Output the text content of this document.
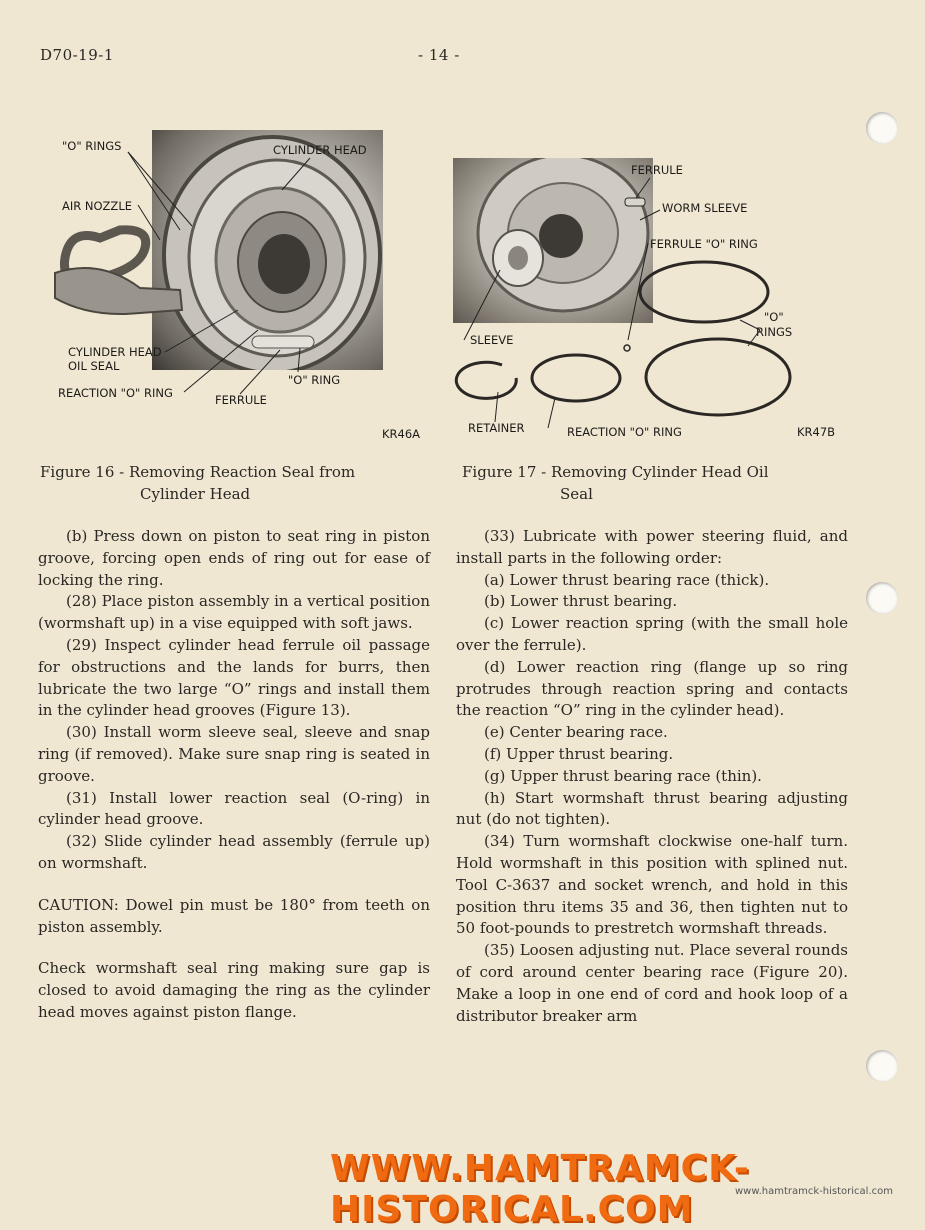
D70-19-1	- 14 -
"O" RINGS	CYLINDER HEAD
AIR NOZZLE
CYLINDER HEAD
OIL SEAL
REACTION "O" RING
"O" RING
FERRULE
KR46A
Figure 16 - Removing Reaction Seal from
Cylinder Head
FERRULE
WORM SLEEVE
FERRULE "O" RING
"O"
RINGS
SLEEVE
RETAINER	REACTION "O" RING	KR47B
Figure 17 - Removing Cylinder Head Oil
Seal

(b) Press down on piston to seat ring in piston groove, forcing open ends of ring out for ease of locking the ring.

(28) Place piston assembly in a vertical position (wormshaft up) in a vise equipped with soft jaws.

(29) Inspect cylinder head ferrule oil passage for obstructions and the lands for burrs, then lubricate the two large “O” rings and install them in the cylinder head grooves (Figure 13).

(30) Install worm sleeve seal, sleeve and snap ring (if removed). Make sure snap ring is seated in groove.

(31) Install lower reaction seal (O-ring) in cylinder head groove.

(32) Slide cylinder head assembly (ferrule up) on wormshaft.

CAUTION: Dowel pin must be 180° from teeth on piston assembly.

Check wormshaft seal ring making sure gap is closed to avoid damaging the ring as the cylinder head moves against piston flange.

(33) Lubricate with power steering fluid, and install parts in the following order:

(a) Lower thrust bearing race (thick).

(b) Lower thrust bearing.

(c) Lower reaction spring (with the small hole over the ferrule).

(d) Lower reaction ring (flange up so ring protrudes through reaction spring and contacts the reaction “O” ring in the cylinder head).

(e) Center bearing race.

(f) Upper thrust bearing.

(g) Upper thrust bearing race (thin).

(h) Start wormshaft thrust bearing adjusting nut (do not tighten).

(34) Turn wormshaft clockwise one-half turn. Hold wormshaft in this position with splined nut. Tool C-3637 and socket wrench, and hold in this position thru items 35 and 36, then tighten nut to 50 foot-pounds to prestretch wormshaft threads.

(35) Loosen adjusting nut. Place several rounds of cord around center bearing race (Figure 20). Make a loop in one end of cord and hook loop of a distributor breaker arm

WWW.HAMTRAMCK-HISTORICAL.COM	www.hamtramck-historical.com
